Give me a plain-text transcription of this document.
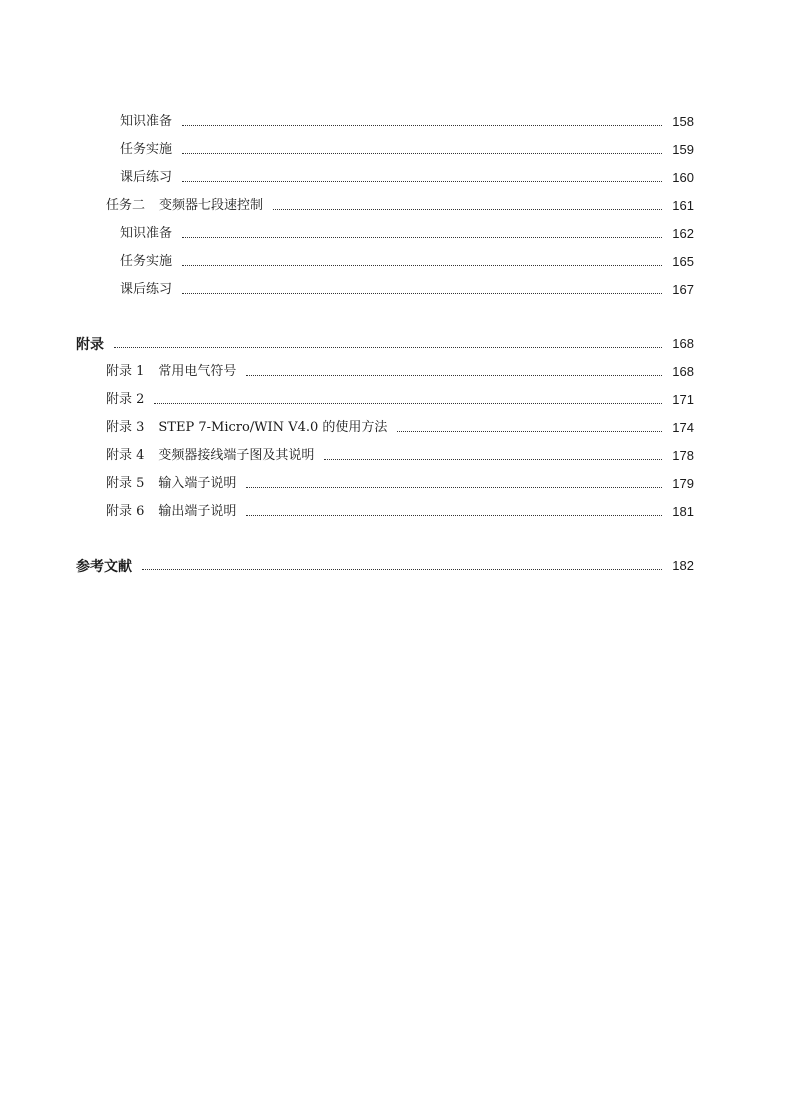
知识准备	158
任务实施	159
课后练习	160
任务二 变频器七段速控制	161
知识准备	162
任务实施	165
课后练习	167
附录	168
附录 1 常用电气符号	168
附录 2	171
附录 3 STEP 7-Micro/WIN V4.0 的使用方法	174
附录 4 变频器接线端子图及其说明	178
附录 5 输入端子说明	179
附录 6 输出端子说明	181
参考文献	182
